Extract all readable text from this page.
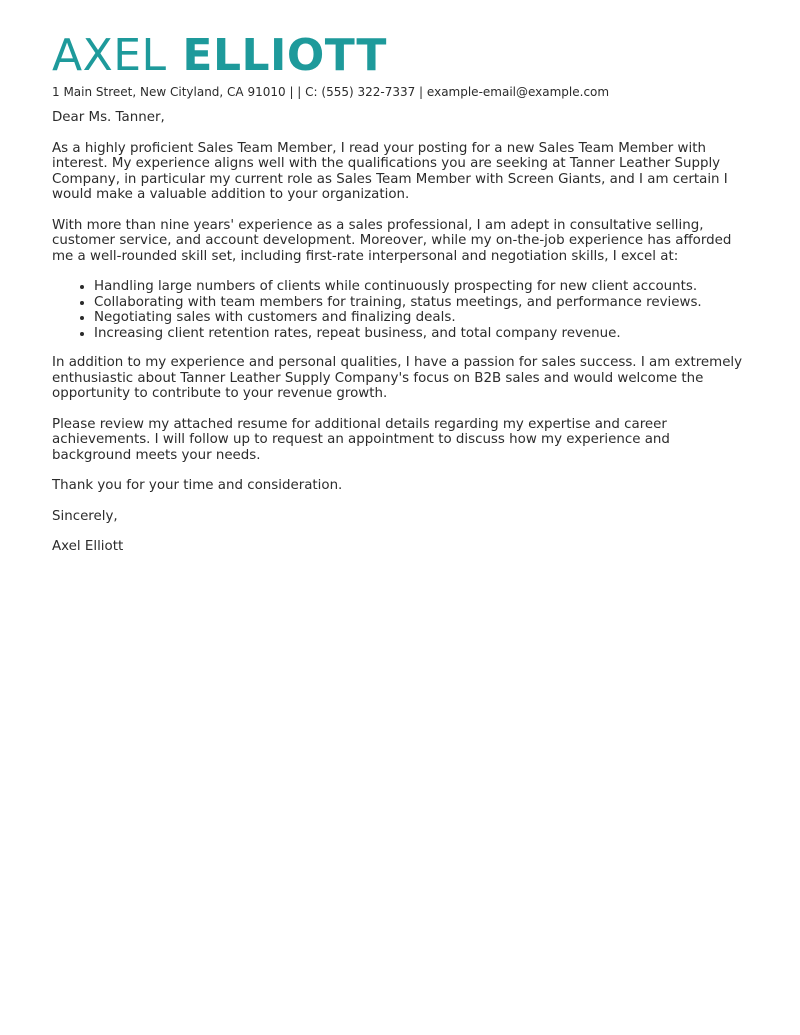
AXEL ELLIOTT
1 Main Street, New Cityland, CA 91010 | | C: (555) 322-7337 | example-email@example.com

Dear Ms. Tanner,

As a highly proficient Sales Team Member, I read your posting for a new Sales Team Member with interest. My experience aligns well with the qualifications you are seeking at Tanner Leather Supply Company, in particular my current role as Sales Team Member with Screen Giants, and I am certain I would make a valuable addition to your organization.

With more than nine years' experience as a sales professional, I am adept in consultative selling, customer service, and account development. Moreover, while my on-the-job experience has afforded me a well-rounded skill set, including first-rate interpersonal and negotiation skills, I excel at:

• Handling large numbers of clients while continuously prospecting for new client accounts.
• Collaborating with team members for training, status meetings, and performance reviews.
• Negotiating sales with customers and finalizing deals.
• Increasing client retention rates, repeat business, and total company revenue.

In addition to my experience and personal qualities, I have a passion for sales success. I am extremely enthusiastic about Tanner Leather Supply Company's focus on B2B sales and would welcome the opportunity to contribute to your revenue growth.

Please review my attached resume for additional details regarding my expertise and career achievements. I will follow up to request an appointment to discuss how my experience and background meets your needs.

Thank you for your time and consideration.

Sincerely,

Axel Elliott
